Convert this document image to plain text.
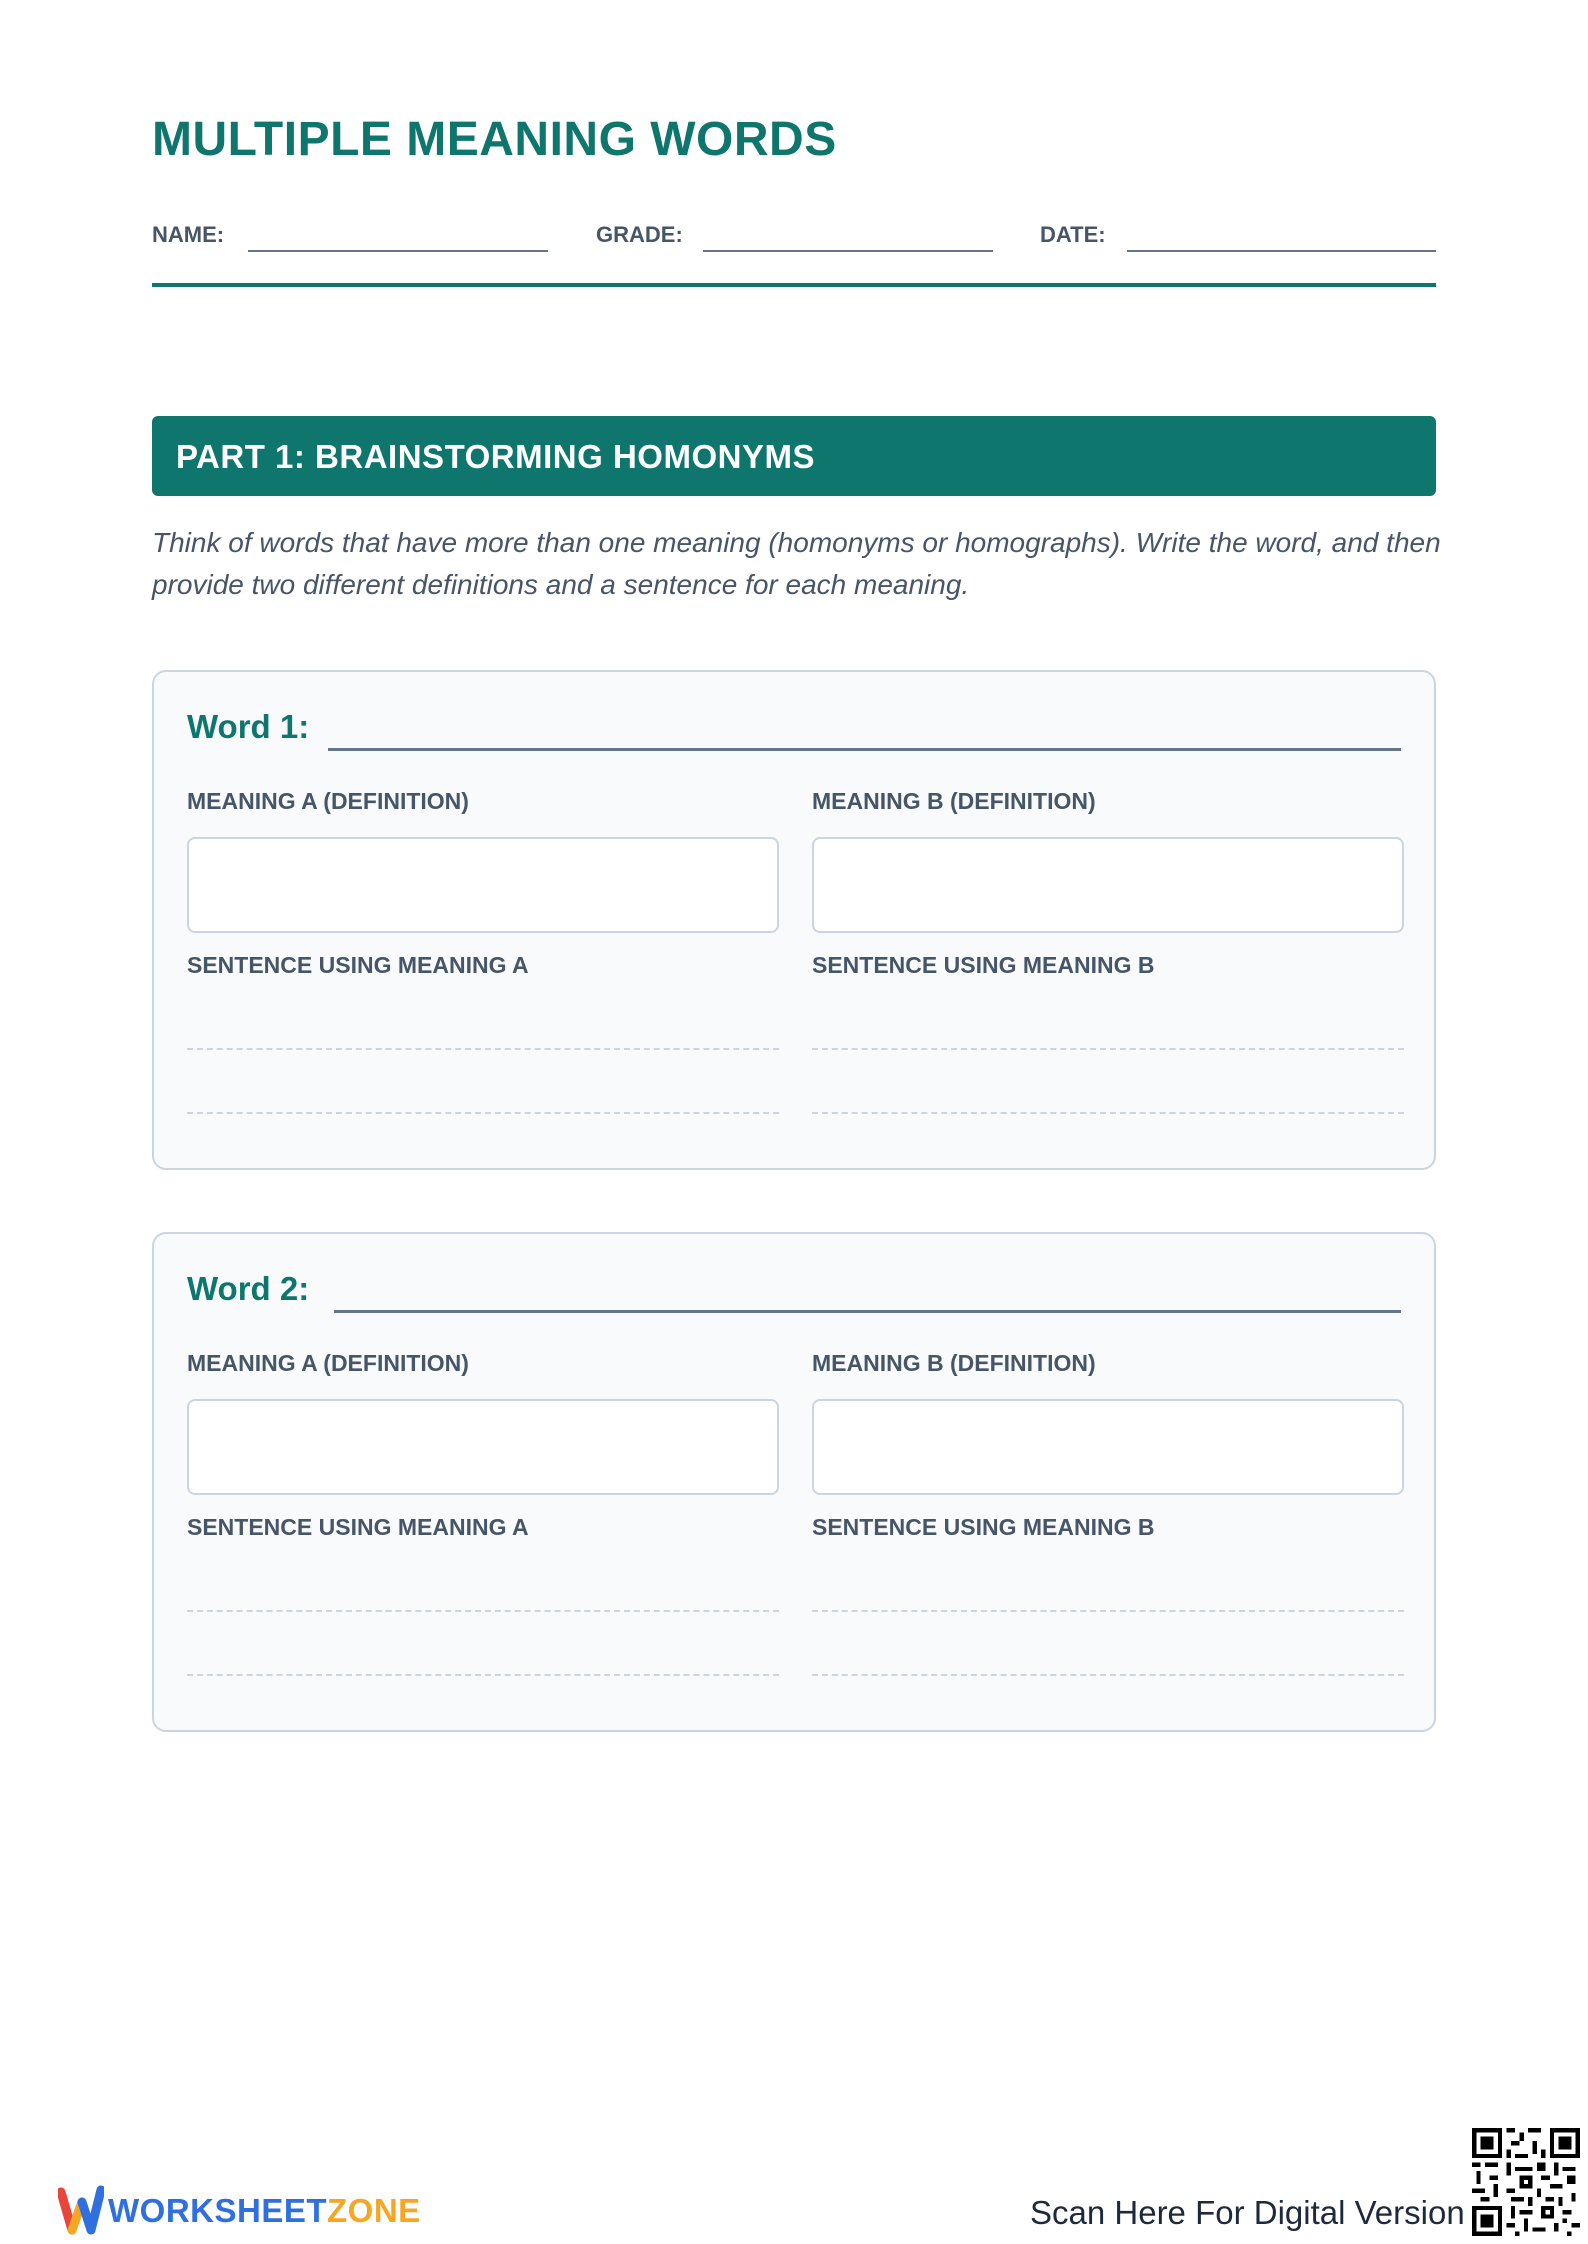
MULTIPLE MEANING WORDS
NAME:	GRADE:	DATE:
PART 1: BRAINSTORMING HOMONYMS

Think of words that have more than one meaning (homonyms or homographs). Write the word, and then provide two different definitions and a sentence for each meaning.

Word 1:
MEANING A (DEFINITION)	MEANING B (DEFINITION)
SENTENCE USING MEANING A	SENTENCE USING MEANING B
Word 2:
MEANING A (DEFINITION)	MEANING B (DEFINITION)
SENTENCE USING MEANING A	SENTENCE USING MEANING B
WORKSHEETZONE	Scan Here For Digital Version
